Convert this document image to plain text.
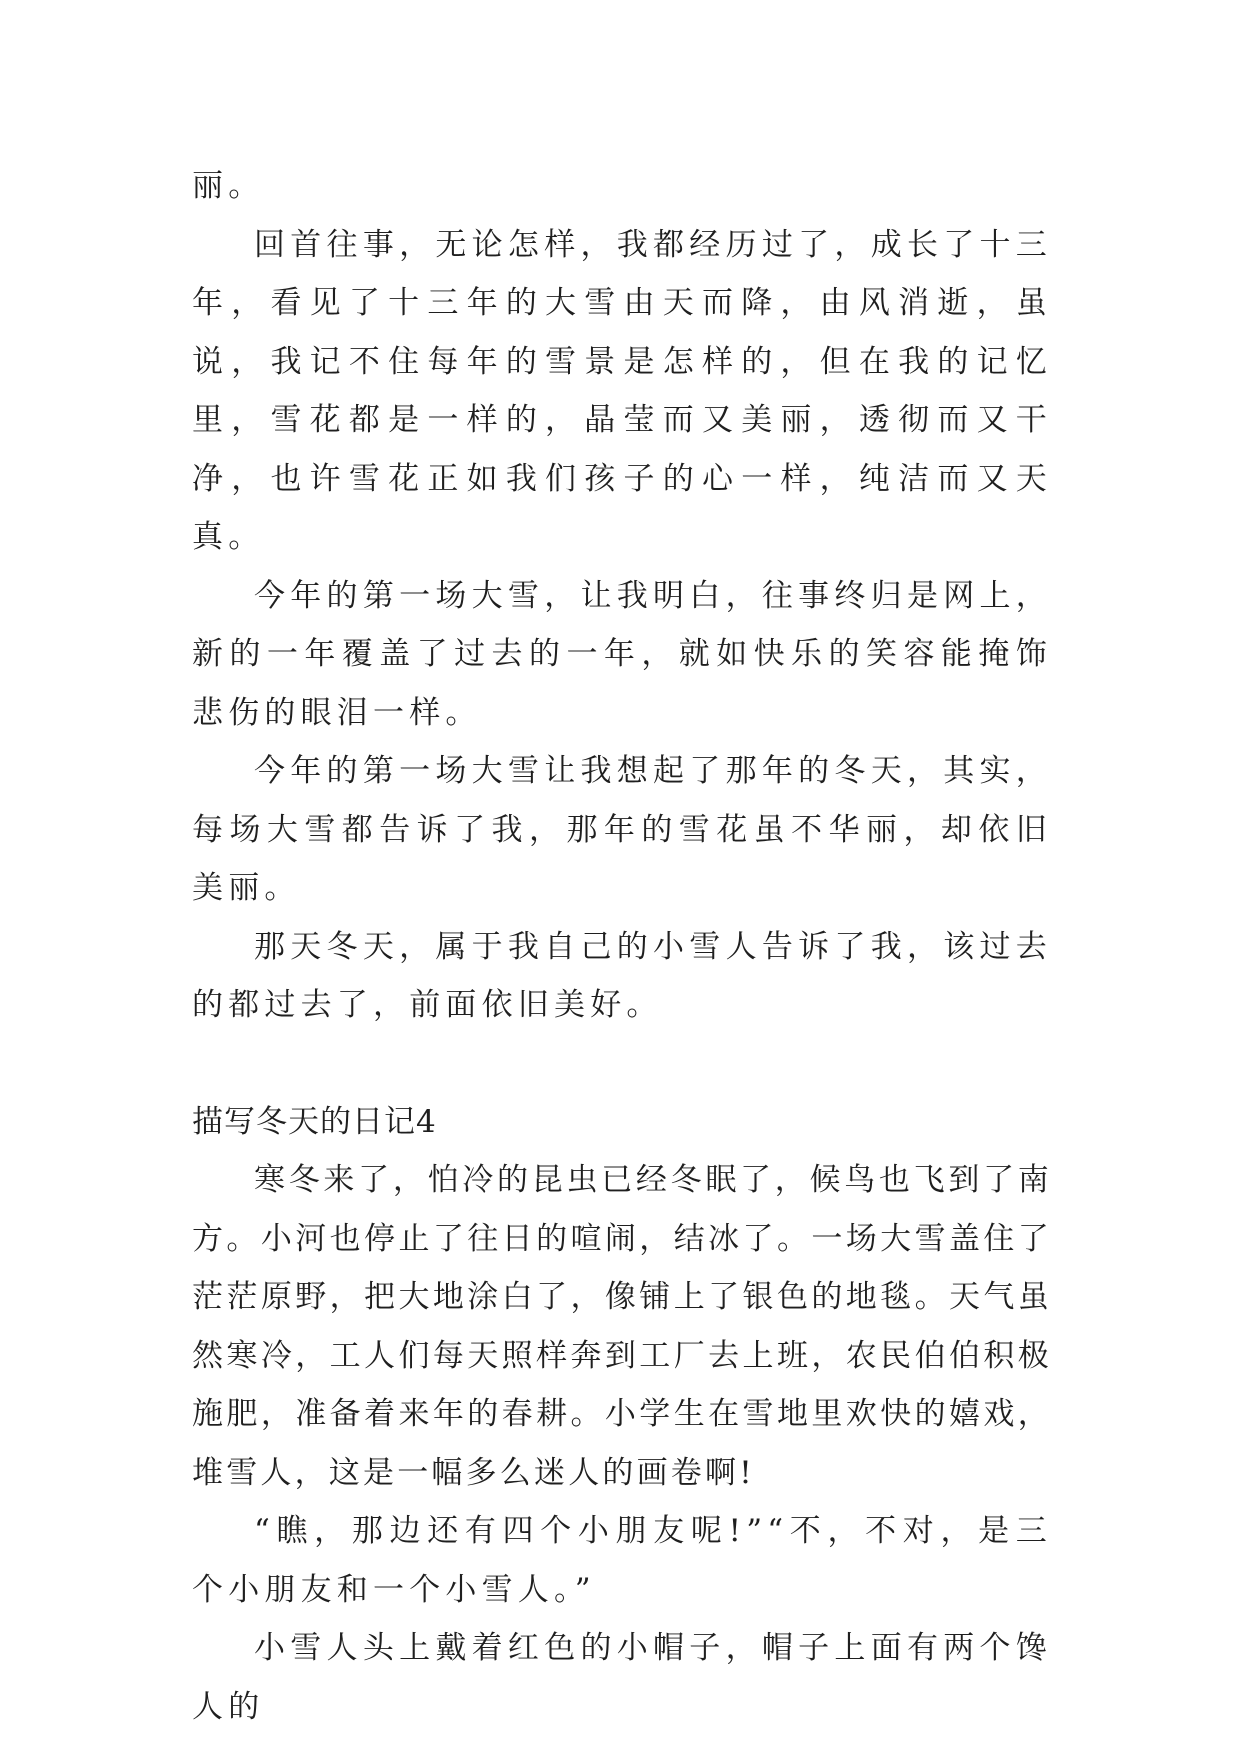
丽。

回首往事，无论怎样，我都经历过了，成长了十三年，看见了十三年的大雪由天而降，由风消逝，虽说，我记不住每年的雪景是怎样的，但在我的记忆里，雪花都是一样的，晶莹而又美丽，透彻而又干净，也许雪花正如我们孩子的心一样，纯洁而又天真。

今年的第一场大雪，让我明白，往事终归是网上，新的一年覆盖了过去的一年，就如快乐的笑容能掩饰悲伤的眼泪一样。

今年的第一场大雪让我想起了那年的冬天，其实，每场大雪都告诉了我，那年的雪花虽不华丽，却依旧美丽。

那天冬天，属于我自己的小雪人告诉了我，该过去的都过去了，前面依旧美好。

描写冬天的日记4

寒冬来了，怕冷的昆虫已经冬眠了，候鸟也飞到了南方。小河也停止了往日的喧闹，结冰了。一场大雪盖住了茫茫原野，把大地涂白了，像铺上了银色的地毯。天气虽然寒冷，工人们每天照样奔到工厂去上班，农民伯伯积极施肥，准备着来年的春耕。小学生在雪地里欢快的嬉戏，堆雪人，这是一幅多么迷人的画卷啊!

“瞧，那边还有四个小朋友呢!”“不，不对，是三个小朋友和一个小雪人。”

小雪人头上戴着红色的小帽子，帽子上面有两个馋人的
